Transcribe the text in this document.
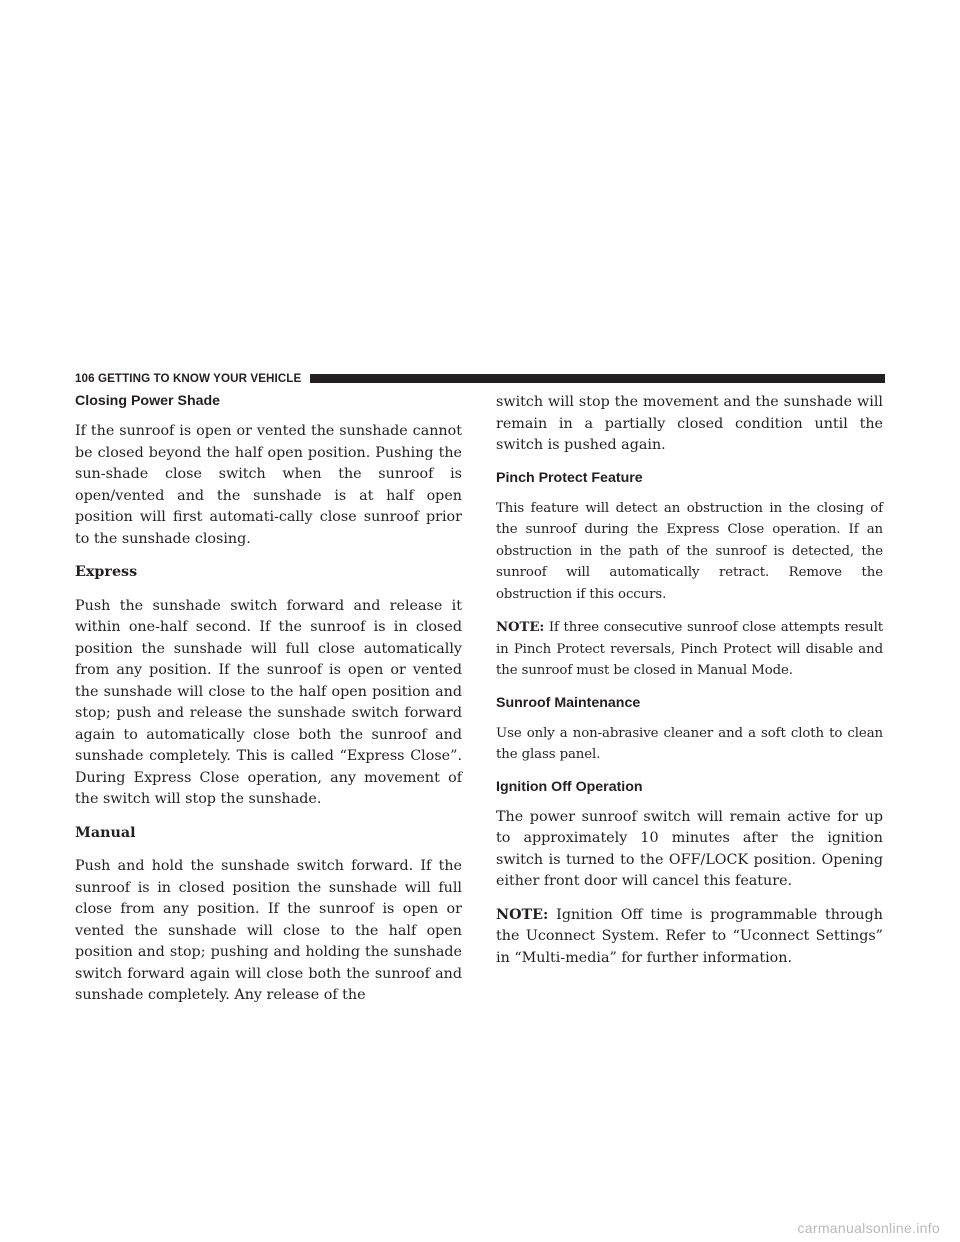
106 GETTING TO KNOW YOUR VEHICLE
Closing Power Shade

If the sunroof is open or vented the sunshade cannot be closed beyond the half open position. Pushing the sun-shade close switch when the sunroof is open/vented and the sunshade is at half open position will first automati-cally close sunroof prior to the sunshade closing.

Express

Push the sunshade switch forward and release it within one-half second. If the sunroof is in closed position the sunshade will full close automatically from any position. If the sunroof is open or vented the sunshade will close to the half open position and stop; push and release the sunshade switch forward again to automatically close both the sunroof and sunshade completely. This is called “Express Close”. During Express Close operation, any movement of the switch will stop the sunshade.

Manual

Push and hold the sunshade switch forward. If the sunroof is in closed position the sunshade will full close from any position. If the sunroof is open or vented the sunshade will close to the half open position and stop; pushing and holding the sunshade switch forward again will close both the sunroof and sunshade completely. Any release of the

switch will stop the movement and the sunshade will remain in a partially closed condition until the switch is pushed again.

Pinch Protect Feature

This feature will detect an obstruction in the closing of the sunroof during the Express Close operation. If an obstruction in the path of the sunroof is detected, the sunroof will automatically retract. Remove the obstruction if this occurs.

NOTE: If three consecutive sunroof close attempts result in Pinch Protect reversals, Pinch Protect will disable and the sunroof must be closed in Manual Mode.

Sunroof Maintenance

Use only a non-abrasive cleaner and a soft cloth to clean the glass panel.

Ignition Off Operation

The power sunroof switch will remain active for up to approximately 10 minutes after the ignition switch is turned to the OFF/LOCK position. Opening either front door will cancel this feature.

NOTE: Ignition Off time is programmable through the Uconnect System. Refer to “Uconnect Settings” in “Multi-media” for further information.

carmanualsonline.info
